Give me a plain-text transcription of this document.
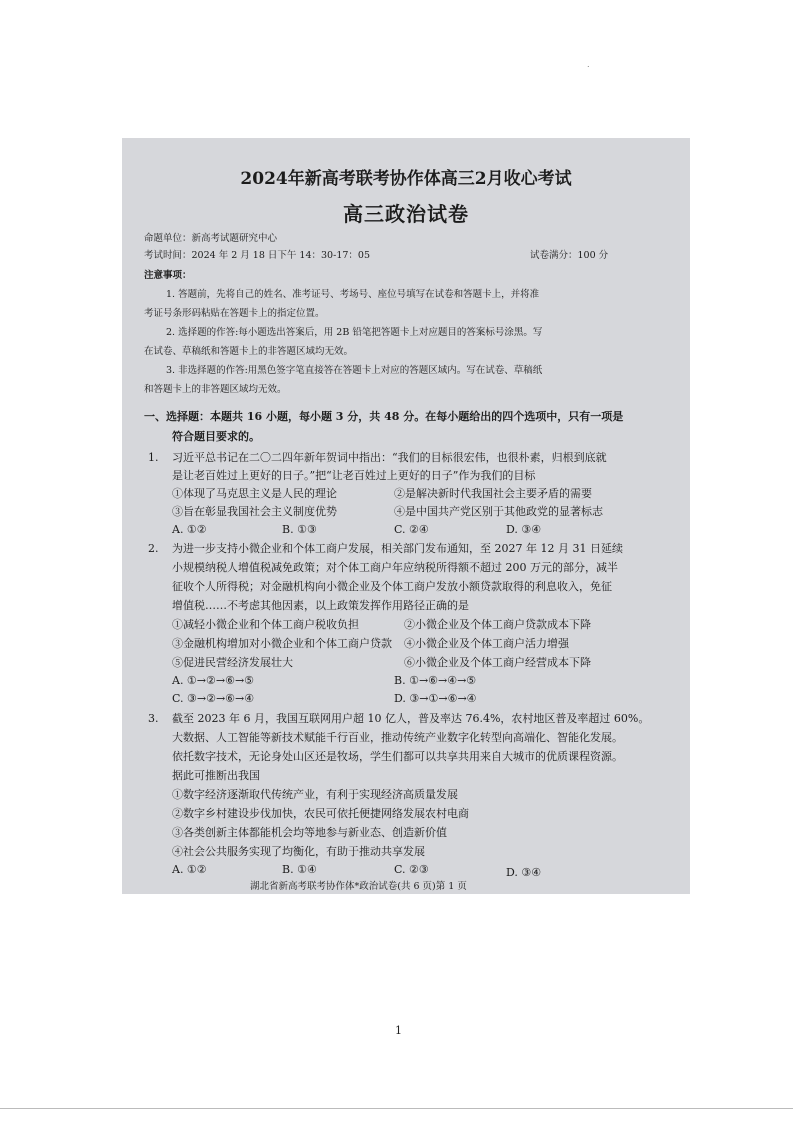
.
2024年新高考联考协作体高三2月收心考试
高三政治试卷
命题单位：新高考试题研究中心
考试时间：2024 年 2 月 18 日下午 14：30-17：05	试卷满分：100 分
注意事项：
1. 答题前，先将自己的姓名、准考证号、考场号、座位号填写在试卷和答题卡上，并将准
考证号条形码粘贴在答题卡上的指定位置。
2. 选择题的作答:每小题选出答案后，用 2B 铅笔把答题卡上对应题目的答案标号涂黑。写
在试卷、草稿纸和答题卡上的非答题区域均无效。
3. 非选择题的作答:用黑色签字笔直接答在答题卡上对应的答题区域内。写在试卷、草稿纸
和答题卡上的非答题区域均无效。
一、选择题：本题共 16 小题，每小题 3 分，共 48 分。在每小题给出的四个选项中，只有一项是
符合题目要求的。
1. 习近平总书记在二〇二四年新年贺词中指出：“我们的目标很宏伟，也很朴素，归根到底就
是让老百姓过上更好的日子。”把“让老百姓过上更好的日子”作为我们的目标
①体现了马克思主义是人民的理论	②是解决新时代我国社会主要矛盾的需要
③旨在彰显我国社会主义制度优势	④是中国共产党区别于其他政党的显著标志
A. ①②	B. ①③	C. ②④	D. ③④
2. 为进一步支持小微企业和个体工商户发展，相关部门发布通知，至 2027 年 12 月 31 日延续
小规模纳税人增值税减免政策；对个体工商户年应纳税所得额不超过 200 万元的部分，减半
征收个人所得税；对金融机构向小微企业及个体工商户发放小额贷款取得的利息收入，免征
增值税……不考虑其他因素，以上政策发挥作用路径正确的是
①减轻小微企业和个体工商户税收负担	②小微企业及个体工商户贷款成本下降
③金融机构增加对小微企业和个体工商户贷款 ④小微企业及个体工商户活力增强
⑤促进民营经济发展壮大	⑥小微企业及个体工商户经营成本下降
A. ①→②→⑥→⑤	B. ①→⑥→④→⑤
C. ③→②→⑥→④	D. ③→①→⑥→④
3. 截至 2023 年 6 月，我国互联网用户超 10 亿人，普及率达 76.4%，农村地区普及率超过 60%。
大数据、人工智能等新技术赋能千行百业，推动传统产业数字化转型向高端化、智能化发展。
依托数字技术，无论身处山区还是牧场，学生们都可以共享共用来自大城市的优质课程资源。
据此可推断出我国
①数字经济逐渐取代传统产业，有利于实现经济高质量发展
②数字乡村建设步伐加快，农民可依托便捷网络发展农村电商
③各类创新主体都能机会均等地参与新业态、创造新价值
④社会公共服务实现了均衡化，有助于推动共享发展
A. ①②	B. ①④	C. ②③	D. ③④
湖北省新高考联考协作体*政治试卷(共 6 页)第 1 页
1
